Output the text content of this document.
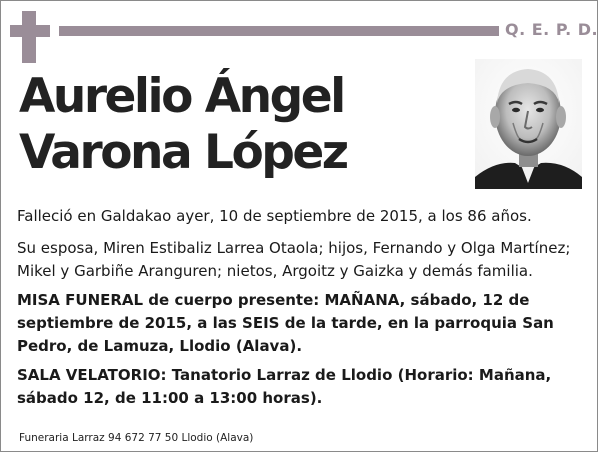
Q. E. P. D.
Aurelio Ángel
Varona López

Falleció en Galdakao ayer, 10 de septiembre de 2015, a los 86 años.

Su esposa, Miren Estibaliz Larrea Otaola; hijos, Fernando y Olga Martínez; Mikel y Garbiñe Aranguren; nietos, Argoitz y Gaizka y demás familia.

MISA FUNERAL de cuerpo presente: MAÑANA, sábado, 12 de septiembre de 2015, a las SEIS de la tarde, en la parroquia San Pedro, de Lamuza, Llodio (Alava).

SALA VELATORIO: Tanatorio Larraz de Llodio (Horario: Mañana, sábado 12, de 11:00 a 13:00 horas).

Funeraria Larraz 94 672 77 50 Llodio (Alava)
